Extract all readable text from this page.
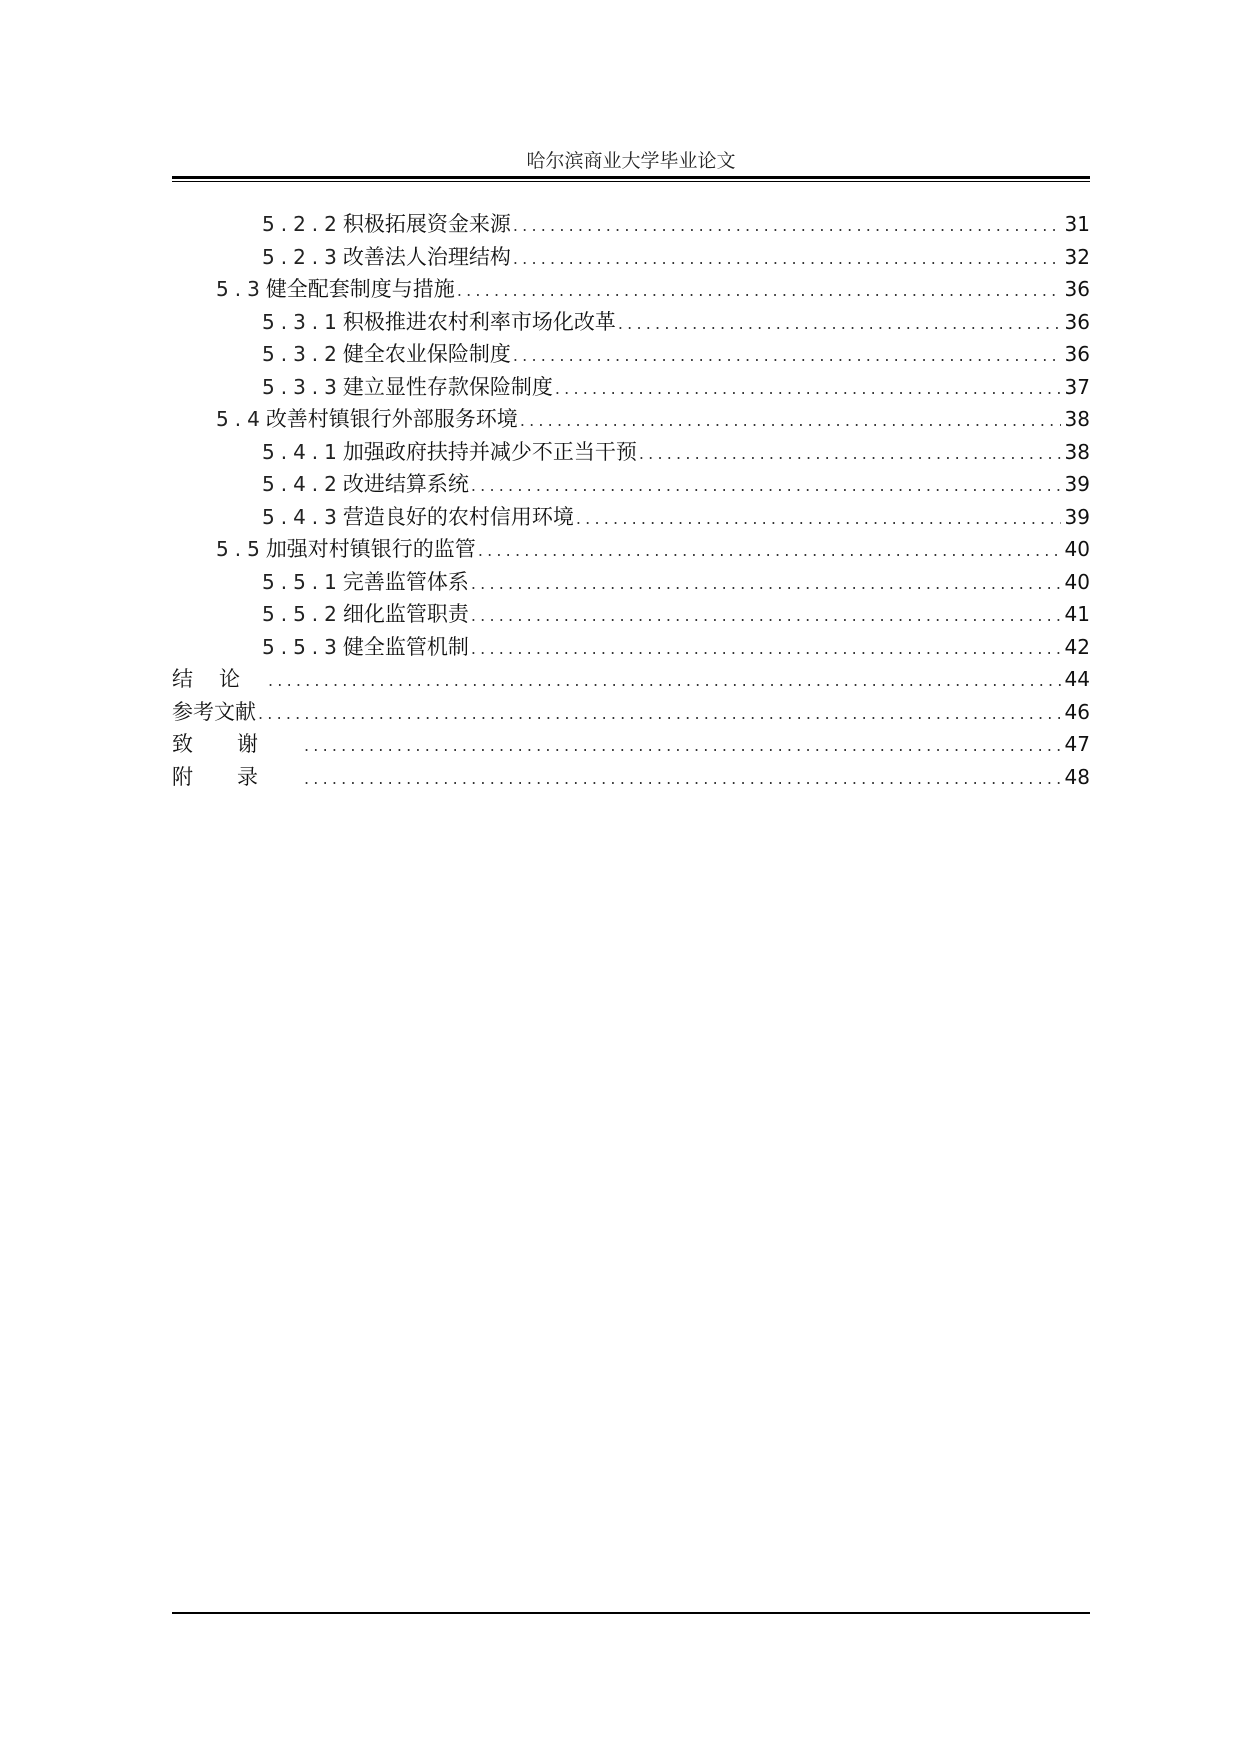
哈尔滨商业大学毕业论文
5.2.2 积极拓展资金来源 .....	31
5.2.3 改善法人治理结构 .....	32
5.3 健全配套制度与措施 .....	36
5.3.1 积极推进农村利率市场化改革 .....	36
5.3.2 健全农业保险制度 .....	36
5.3.3 建立显性存款保险制度 .....	37
5.4 改善村镇银行外部服务环境 .....	38
5.4.1 加强政府扶持并减少不正当干预 .....	38
5.4.2 改进结算系统 .....	39
5.4.3 营造良好的农村信用环境 .....	39
5.5 加强对村镇银行的监管 .....	40
5.5.1 完善监管体系 .....	40
5.5.2 细化监管职责 .....	41
5.5.3 健全监管机制 .....	42
结论 .....	44
参考文献 .....	46
致谢 .....	47
附录 .....	48
